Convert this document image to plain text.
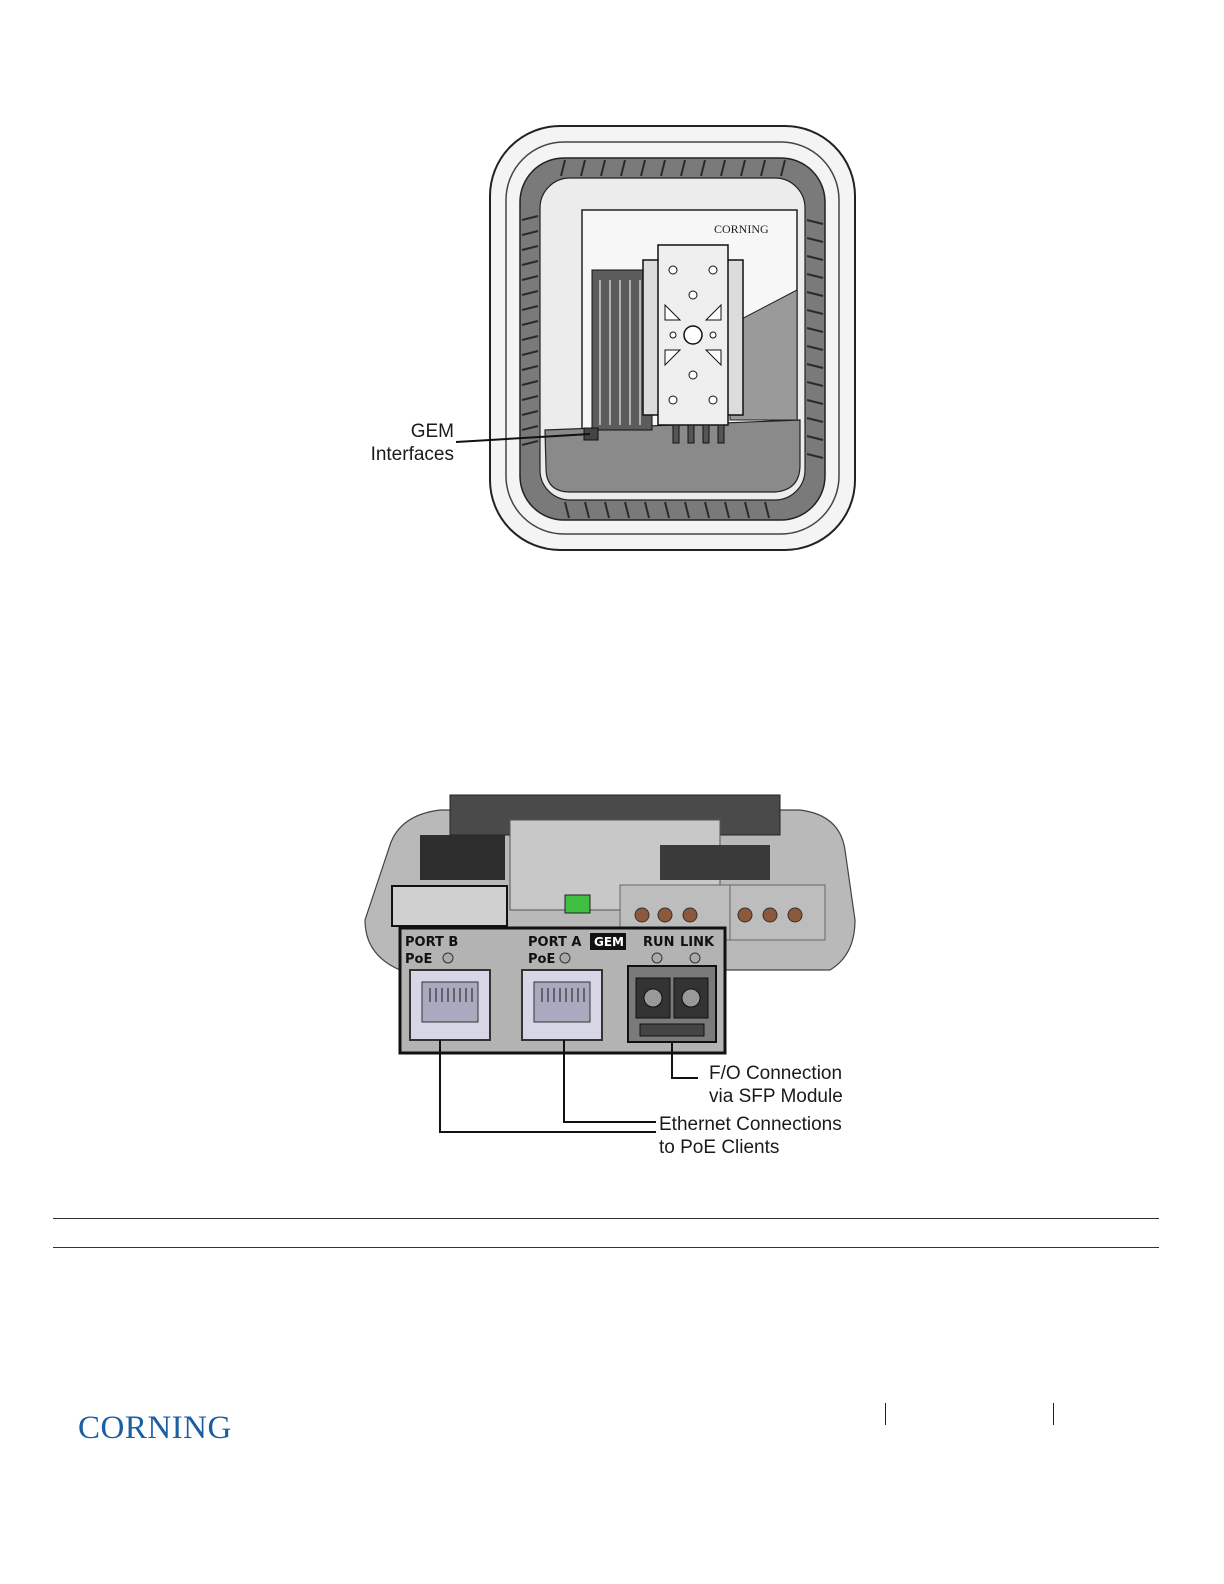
CORNING
GEM
Interfaces
PORT B
PoE
PORT A
PoE
GEM RUN LINK
F/O Connection
via SFP Module
Ethernet Connections
to PoE Clients
CORNING
